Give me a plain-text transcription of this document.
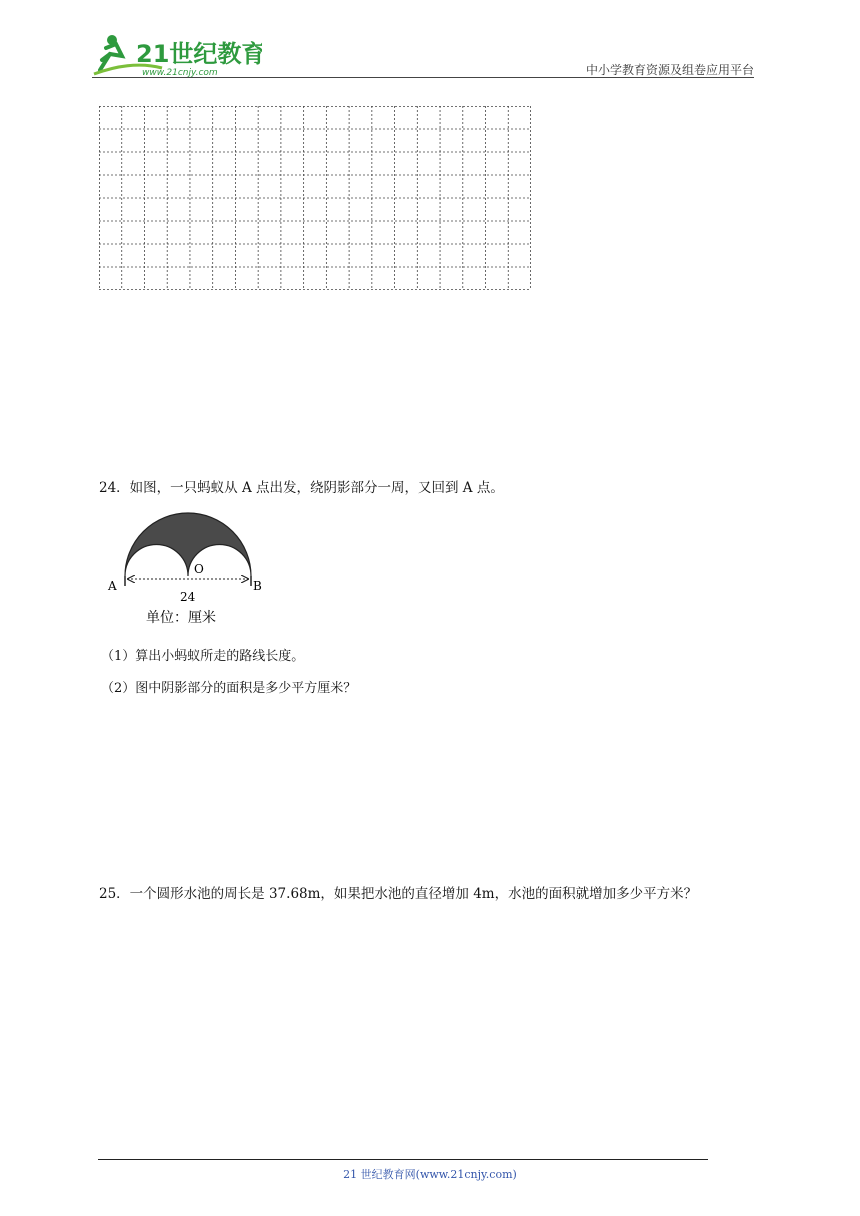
21世纪教育
www.21cnjy.com	中小学教育资源及组卷应用平台
24．如图，一只蚂蚁从 A 点出发，绕阴影部分一周，又回到 A 点。
A	B
O
24
单位：厘米
（1）算出小蚂蚁所走的路线长度。
（2）图中阴影部分的面积是多少平方厘米？
25．一个圆形水池的周长是 37.68m，如果把水池的直径增加 4m，水池的面积就增加多少平方米？
21 世纪教育网(www.21cnjy.com)
